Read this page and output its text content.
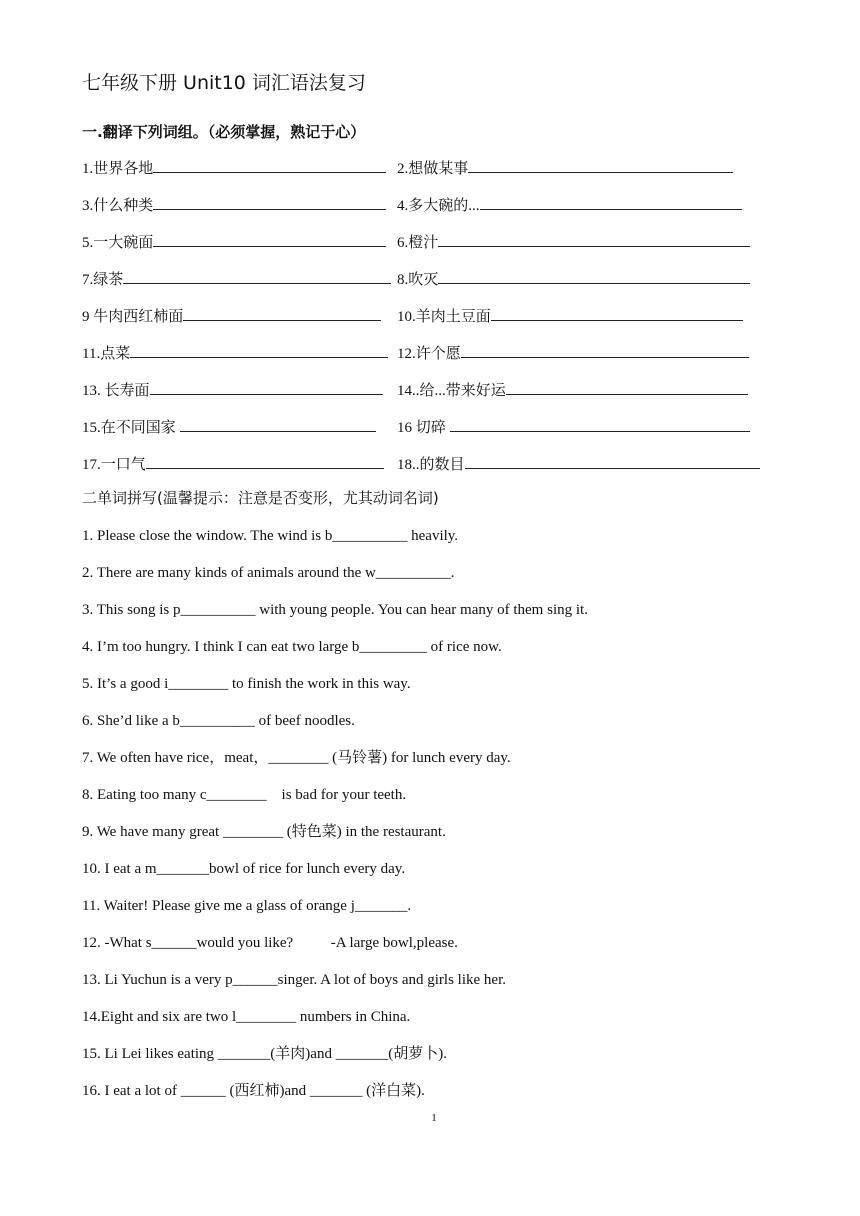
七年级下册 Unit10 词汇语法复习
一.翻译下列词组。（必须掌握，熟记于心）
1.世界各地	2.想做某事
3.什么种类	4.多大碗的...
5.一大碗面	6.橙汁
7.绿茶	8.吹灭
9 牛肉西红柿面	10.羊肉土豆面
11.点菜	12.许个愿
13. 长寿面	14..给...带来好运
15.在不同国家	16 切碎
17.一口气	18..的数目
二单词拼写(温馨提示：注意是否变形，尤其动词名词)
1. Please close the window. The wind is b__________ heavily.
2. There are many kinds of animals around the w__________.
3. This song is p__________ with young people. You can hear many of them sing it.
4. I’m too hungry. I think I can eat two large b_________ of rice now.
5. It’s a good i________ to finish the work in this way.
6. She’d like a b__________ of beef noodles.
7. We often have rice，meat，________ (马铃薯) for lunch every day.
8. Eating too many c________    is bad for your teeth.
9. We have many great ________ (特色菜) in the restaurant.
10. I eat a m_______bowl of rice for lunch every day.
11. Waiter! Please give me a glass of orange j_______.
12. -What s______would you like?          -A large bowl,please.
13. Li Yuchun is a very p______singer. A lot of boys and girls like her.
14.Eight and six are two l________ numbers in China.
15. Li Lei likes eating _______(羊肉)and _______(胡萝卜).
16. I eat a lot of ______ (西红柿)and _______ (洋白菜).
1
